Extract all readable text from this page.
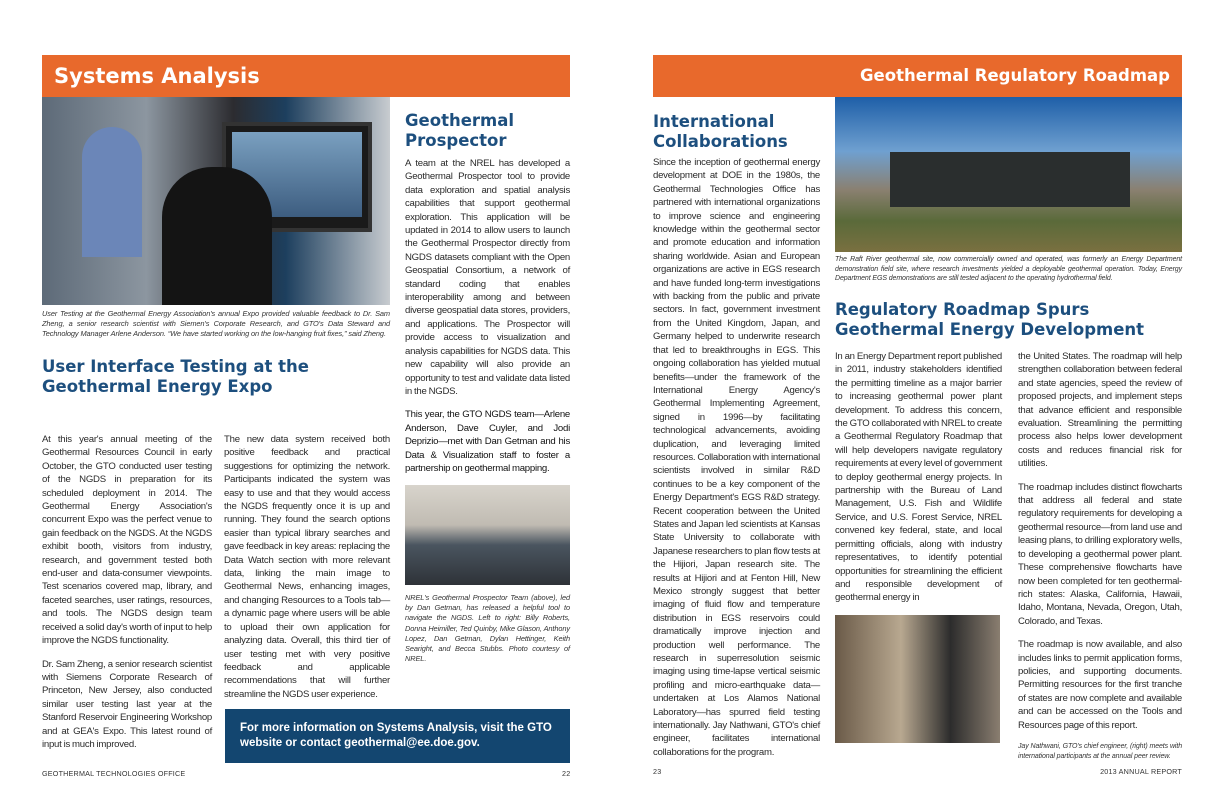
Systems Analysis
User Testing at the Geothermal Energy Association's annual Expo provided valuable feedback to Dr. Sam Zheng, a senior research scientist with Siemen's Corporate Research, and GTO's Data Steward and Technology Manager Arlene Anderson. “We have started working on the low-hanging fruit fixes,” said Zheng.
User Interface Testing at the Geothermal Energy Expo

At this year's annual meeting of the Geothermal Resources Council in early October, the GTO conducted user testing of the NGDS in preparation for its scheduled deployment in 2014. The Geothermal Energy Association's concurrent Expo was the perfect venue to gain feedback on the NGDS. At the NGDS exhibit booth, visitors from industry, research, and government tested both end-user and data-consumer viewpoints. Test scenarios covered map, library, and faceted searches, user ratings, resources, and tools. The NGDS design team received a solid day's worth of input to help improve the NGDS functionality.

Dr. Sam Zheng, a senior research scientist with Siemens Corporate Research of Princeton, New Jersey, also conducted similar user testing last year at the Stanford Reservoir Engineering Workshop and at GEA's Expo. This latest round of input is much improved.

The new data system received both positive feedback and practical suggestions for optimizing the network. Participants indicated the system was easy to use and that they would access the NGDS frequently once it is up and running. They found the search options easier than typical library searches and gave feedback in key areas: replacing the Data Watch section with more relevant data, linking the main image to Geothermal News, enhancing images, and changing Resources to a Tools tab—a dynamic page where users will be able to upload their own application for analyzing data. Overall, this third tier of user testing met with very positive feedback and applicable recommendations that will further streamline the NGDS user experience.

Geothermal Prospector

A team at the NREL has developed a Geothermal Prospector tool to provide data exploration and spatial analysis capabilities that support geothermal exploration. This application will be updated in 2014 to allow users to launch the Geothermal Prospector directly from NGDS datasets compliant with the Open Geospatial Consortium, a network of standard coding that enables interoperability among and between diverse geospatial data stores, providers, and applications. The Prospector will provide access to visualization and analysis capabilities for NGDS data. This new capability will also provide an opportunity to test and validate data listed in the NGDS.

This year, the GTO NGDS team—Arlene Anderson, Dave Cuyler, and Jodi Deprizio—met with Dan Getman and his Data & Visualization staff to foster a partnership on geothermal mapping.

NREL's Geothermal Prospector Team (above), led by Dan Getman, has released a helpful tool to navigate the NGDS. Left to right: Billy Roberts, Donna Heimiller, Ted Quinby, Mike Glason, Anthony Lopez, Dan Getman, Dylan Hettinger, Keith Searight, and Becca Stubbs. Photo courtesy of NREL.
For more information on Systems Analysis, visit the GTO website or contact geothermal@ee.doe.gov.
GEOTHERMAL TECHNOLOGIES OFFICE	22
Geothermal Regulatory Roadmap
International Collaborations

Since the inception of geothermal energy development at DOE in the 1980s, the Geothermal Technologies Office has partnered with international organizations to improve science and engineering knowledge within the geothermal sector and promote education and information sharing worldwide. Asian and European organizations are active in EGS research and have funded long-term investigations with backing from the public and private sectors. In fact, government investment from the United Kingdom, Japan, and Germany helped to underwrite research that led to breakthroughs in EGS. This ongoing collaboration has yielded mutual benefits—under the framework of the International Energy Agency's Geothermal Implementing Agreement, signed in 1996—by facilitating technological advancements, avoiding duplication, and leveraging limited resources. Collaboration with international scientists involved in similar R&D continues to be a key component of the Energy Department's EGS R&D strategy. Recent cooperation between the United States and Japan led scientists at Kansas State University to collaborate with Japanese researchers to plan flow tests at the Hijiori, Japan research site. The results at Hijiori and at Fenton Hill, New Mexico strongly suggest that better imaging of fluid flow and temperature distribution in EGS reservoirs could dramatically improve injection and production well performance. The research in superresolution seismic imaging using time-lapse vertical seismic profiling and micro-earthquake data—undertaken at Los Alamos National Laboratory—has spurred field testing internationally. Jay Nathwani, GTO's chief engineer, facilitates international collaborations for the program.

The Raft River geothermal site, now commercially owned and operated, was formerly an Energy Department demonstration field site, where research investments yielded a deployable geothermal operation. Today, Energy Department EGS demonstrations are still tested adjacent to the operating hydrothermal field.
Regulatory Roadmap Spurs Geothermal Energy Development

In an Energy Department report published in 2011, industry stakeholders identified the permitting timeline as a major barrier to increasing geothermal power plant development. To address this concern, the GTO collaborated with NREL to create a Geothermal Regulatory Roadmap that will help developers navigate regulatory requirements at every level of government to deploy geothermal energy projects. In partnership with the Bureau of Land Management, U.S. Fish and Wildlife Service, and U.S. Forest Service, NREL convened key federal, state, and local permitting officials, along with industry representatives, to identify potential opportunities for streamlining the efficient and responsible development of geothermal energy in

the United States. The roadmap will help strengthen collaboration between federal and state agencies, speed the review of proposed projects, and implement steps that advance efficient and responsible evaluation. Streamlining the permitting process also helps lower development costs and reduces financial risk for utilities.

The roadmap includes distinct flowcharts that address all federal and state regulatory requirements for developing a geothermal resource—from land use and leasing plans, to drilling exploratory wells, to developing a geothermal power plant. These comprehensive flowcharts have now been completed for ten geothermal-rich states: Alaska, California, Hawaii, Idaho, Montana, Nevada, Oregon, Utah, Colorado, and Texas.

The roadmap is now available, and also includes links to permit application forms, policies, and supporting documents. Permitting resources for the first tranche of states are now complete and available and can be accessed on the Tools and Resources page of this report.

Jay Nathwani, GTO's chief engineer, (right) meets with international participants at the annual peer review.
23	2013 ANNUAL REPORT
